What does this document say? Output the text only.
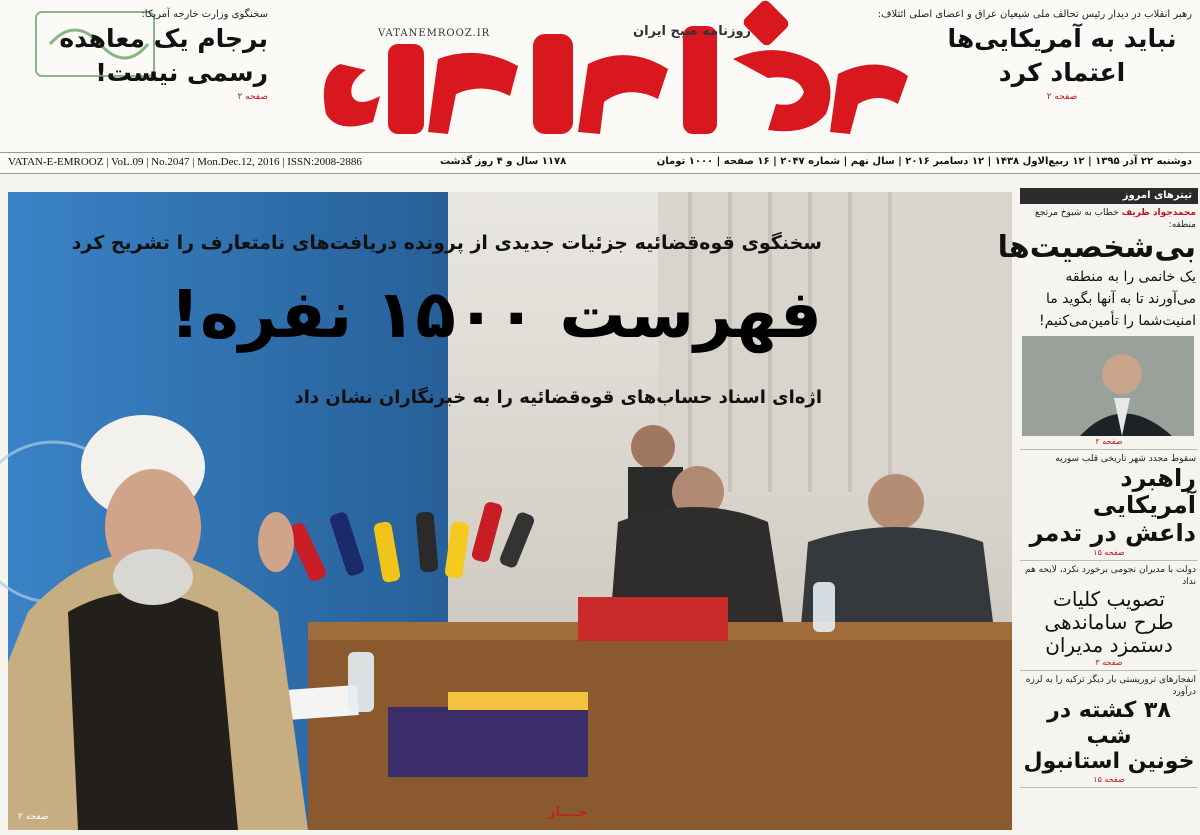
سخنگوی وزارت خارجه آمریکا:
برجام یک معاهده
رسمی نیست!
صفحه ۲
VATANEMROOZ.IR	روزنامه صبح ایران
رهبر انقلاب در دیدار رئیس تحالف ملی شیعیان عراق و اعضای اصلی ائتلاف:
نباید به آمریکایی‌ها
اعتماد کرد
صفحه ۲
VATAN-E-EMROOZ | VoL.09 | No.2047 | Mon.Dec.12, 2016 | ISSN:2008-2886	۱۱۷۸ سال و ۴ روز گذشت	دوشنبه ۲۲ آذر ۱۳۹۵ | ۱۲ ربیع‌الاول ۱۴۳۸ | ۱۲ دسامبر ۲۰۱۶ | سال نهم | شماره ۲۰۴۷ | ۱۶ صفحه | ۱۰۰۰ تومان
سخنگوی قوه‌قضائیه جزئیات جدیدی از پرونده دریافت‌های نامتعارف را تشریح کرد
فهرست ۱۵۰۰ نفره!
اژه‌ای اسناد حساب‌های قوه‌قضائیه را به خبرنگاران نشان داد
صفحه ۲	جــــار
تیترهای امروز
محمدجواد ظریف خطاب به شیوخ مرتجع منطقه:
بی‌شخصیت‌ها
یک خانمی را به منطقه می‌آورند تا به آنها بگوید ما امنیت‌شما را تأمین‌می‌کنیم!
صفحه ۲
سقوط مجدد شهر تاریخی قلب سوریه
راهبرد آمریکایی
داعش در تدمر
صفحه ۱۵
دولت با مدیران نجومی برخورد نکرد، لایحه هم نداد
تصویب کلیات
طرح ساماندهی
دستمزد مدیران
صفحه ۳
انفجارهای تروریستی بار دیگر ترکیه را به لرزه درآورد
۳۸ کشته در شب
خونین استانبول
صفحه ۱۵
